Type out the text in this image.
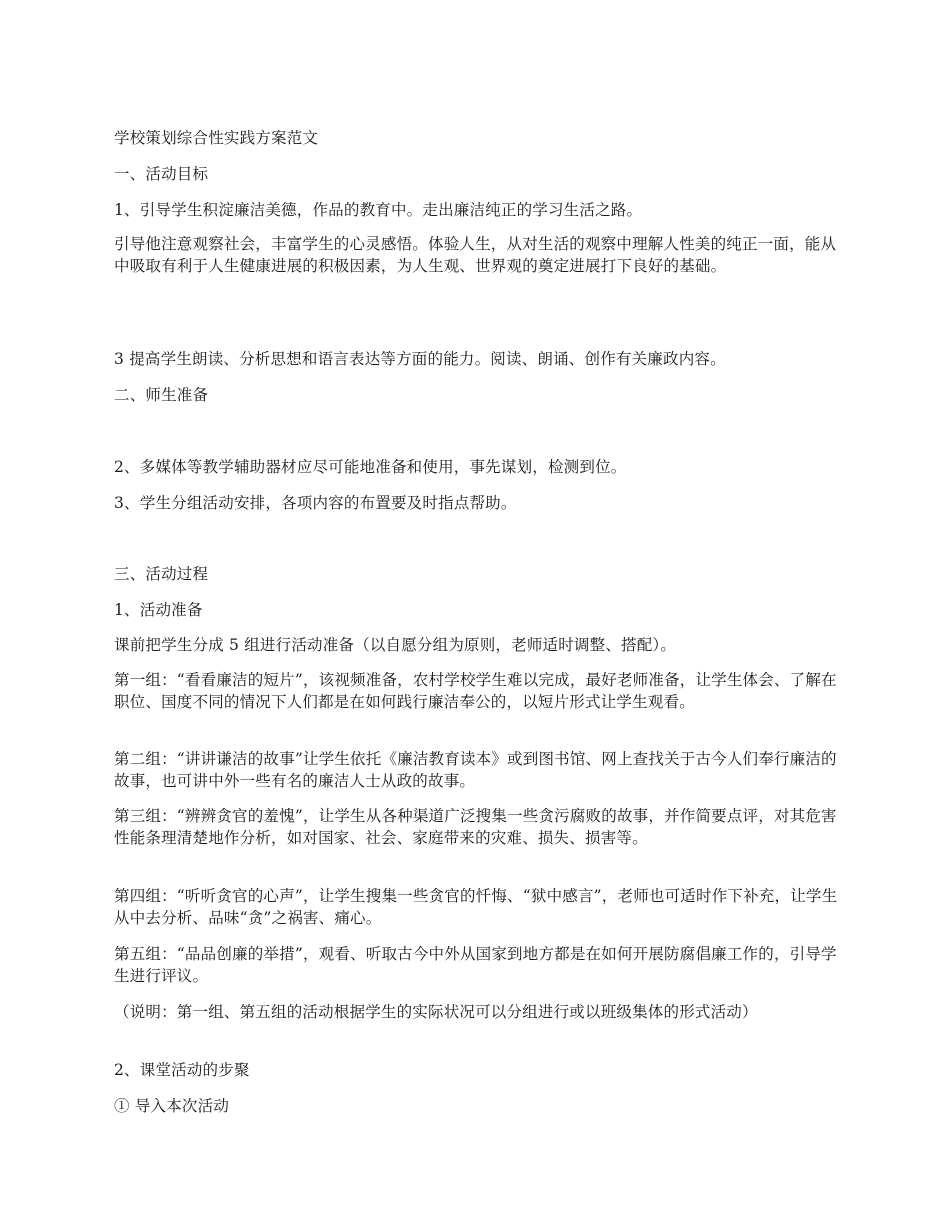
学校策划综合性实践方案范文

一、活动目标

1、引导学生积淀廉洁美德，作品的教育中。走出廉洁纯正的学习生活之路。

引导他注意观察社会，丰富学生的心灵感悟。体验人生，从对生活的观察中理解人性美的纯正一面，能从中吸取有利于人生健康进展的积极因素，为人生观、世界观的奠定进展打下良好的基础。

3 提高学生朗读、分析思想和语言表达等方面的能力。阅读、朗诵、创作有关廉政内容。

二、师生准备

2、多媒体等教学辅助器材应尽可能地准备和使用，事先谋划，检测到位。

3、学生分组活动安排，各项内容的布置要及时指点帮助。

三、活动过程

1、活动准备

课前把学生分成 5 组进行活动准备（以自愿分组为原则，老师适时调整、搭配）。

第一组：“看看廉洁的短片”，该视频准备，农村学校学生难以完成，最好老师准备，让学生体会、了解在职位、国度不同的情况下人们都是在如何践行廉洁奉公的，以短片形式让学生观看。

第二组：“讲讲谦洁的故事”让学生依托《廉洁教育读本》或到图书馆、网上查找关于古今人们奉行廉洁的故事，也可讲中外一些有名的廉洁人士从政的故事。

第三组：“辨辨贪官的羞愧”，让学生从各种渠道广泛搜集一些贪污腐败的故事，并作简要点评，对其危害性能条理清楚地作分析，如对国家、社会、家庭带来的灾难、损失、损害等。

第四组：“听听贪官的心声”，让学生搜集一些贪官的忏悔、“狱中感言”，老师也可适时作下补充，让学生从中去分析、品味“贪”之祸害、痛心。

第五组：“品品创廉的举措”，观看、听取古今中外从国家到地方都是在如何开展防腐倡廉工作的，引导学生进行评议。

（说明：第一组、第五组的活动根据学生的实际状况可以分组进行或以班级集体的形式活动）

2、课堂活动的步聚

① 导入本次活动
